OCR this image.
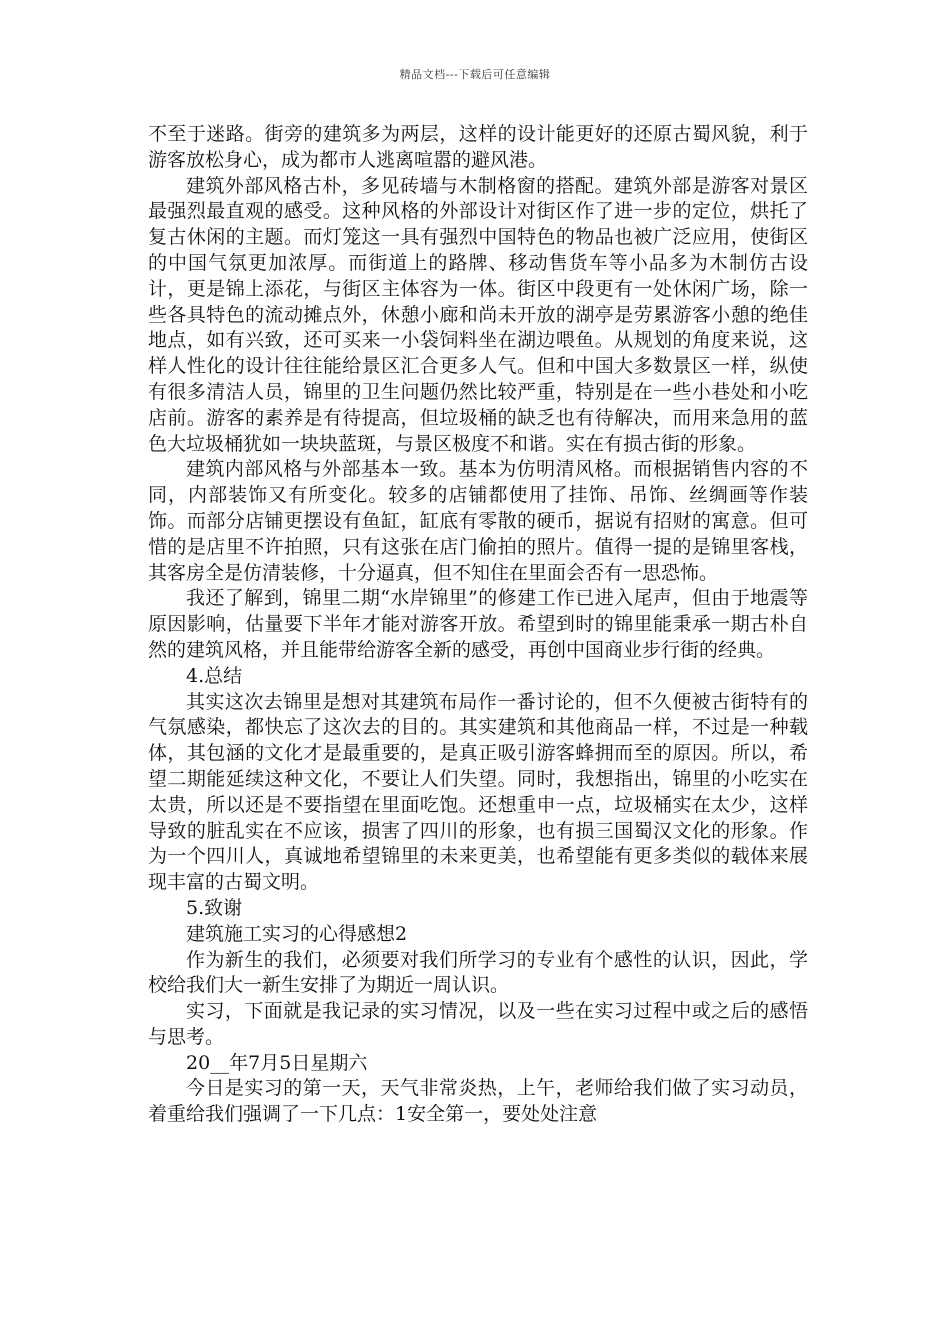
精品文档---下载后可任意编辑

不至于迷路。街旁的建筑多为两层，这样的设计能更好的还原古蜀风貌，利于游客放松身心，成为都市人逃离喧嚣的避风港。

建筑外部风格古朴，多见砖墙与木制格窗的搭配。建筑外部是游客对景区最强烈最直观的感受。这种风格的外部设计对街区作了进一步的定位，烘托了复古休闲的主题。而灯笼这一具有强烈中国特色的物品也被广泛应用，使街区的中国气氛更加浓厚。而街道上的路牌、移动售货车等小品多为木制仿古设计，更是锦上添花，与街区主体容为一体。街区中段更有一处休闲广场，除一些各具特色的流动摊点外，休憩小廊和尚未开放的湖亭是劳累游客小憩的绝佳地点，如有兴致，还可买来一小袋饲料坐在湖边喂鱼。从规划的角度来说，这样人性化的设计往往能给景区汇合更多人气。但和中国大多数景区一样，纵使有很多清洁人员，锦里的卫生问题仍然比较严重，特别是在一些小巷处和小吃店前。游客的素养是有待提高，但垃圾桶的缺乏也有待解决，而用来急用的蓝色大垃圾桶犹如一块块蓝斑，与景区极度不和谐。实在有损古街的形象。

建筑内部风格与外部基本一致。基本为仿明清风格。而根据销售内容的不同，内部装饰又有所变化。较多的店铺都使用了挂饰、吊饰、丝绸画等作装饰。而部分店铺更摆设有鱼缸，缸底有零散的硬币，据说有招财的寓意。但可惜的是店里不许拍照，只有这张在店门偷拍的照片。值得一提的是锦里客栈，其客房全是仿清装修，十分逼真，但不知住在里面会否有一思恐怖。

我还了解到，锦里二期“水岸锦里”的修建工作已进入尾声，但由于地震等原因影响，估量要下半年才能对游客开放。希望到时的锦里能秉承一期古朴自然的建筑风格，并且能带给游客全新的感受，再创中国商业步行街的经典。

4.总结

其实这次去锦里是想对其建筑布局作一番讨论的，但不久便被古街特有的气氛感染，都快忘了这次去的目的。其实建筑和其他商品一样，不过是一种载体，其包涵的文化才是最重要的，是真正吸引游客蜂拥而至的原因。所以，希望二期能延续这种文化，不要让人们失望。同时，我想指出，锦里的小吃实在太贵，所以还是不要指望在里面吃饱。还想重申一点，垃圾桶实在太少，这样导致的脏乱实在不应该，损害了四川的形象，也有损三国蜀汉文化的形象。作为一个四川人，真诚地希望锦里的未来更美，也希望能有更多类似的载体来展现丰富的古蜀文明。

5.致谢

建筑施工实习的心得感想2

作为新生的我们，必须要对我们所学习的专业有个感性的认识，因此，学校给我们大一新生安排了为期近一周认识。

实习，下面就是我记录的实习情况，以及一些在实习过程中或之后的感悟与思考。

20__年7月5日星期六

今日是实习的第一天，天气非常炎热，上午，老师给我们做了实习动员，着重给我们强调了一下几点：1安全第一，要处处注意
